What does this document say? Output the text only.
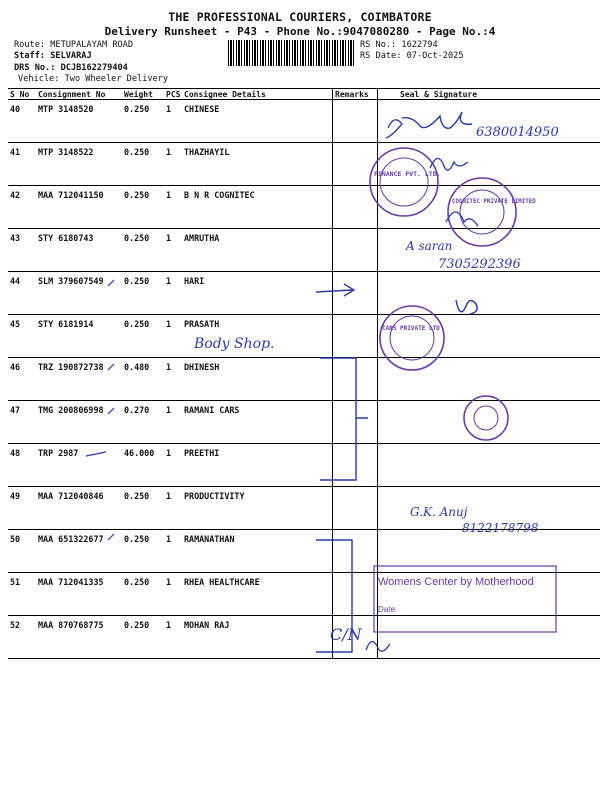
THE PROFESSIONAL COURIERS, COIMBATORE
Delivery Runsheet - P43 - Phone No.:9047080280 - Page No.:4
Route: METUPALAYAM ROAD
Staff: SELVARAJ
DRS No.: DCJB162279404
Vehicle: Two Wheeler Delivery
RS No.: 1622794
RS Date: 07-Oct-2025
S No	Consignment No	Weight	PCS	Consignee Details	Remarks	Seal & Signature
40	MTP 3148520	0.250	1	CHINESE		
41	MTP 3148522	0.250	1	THAZHAYIL		
42	MAA 712041150	0.250	1	B N R COGNITEC		
43	STY 6180743	0.250	1	AMRUTHA		
44	SLM 379607549	0.250	1	HARI		
45	STY 6181914	0.250	1	PRASATH		
46	TRZ 190872738	0.480	1	DHINESH		
47	TMG 200806998	0.270	1	RAMANI CARS		
48	TRP 2987	46.000	1	PREETHI		
49	MAA 712040846	0.250	1	PRODUCTIVITY		
50	MAA 651322677	0.250	1	RAMANATHAN		
51	MAA 712041335	0.250	1	RHEA HEALTHCARE		
52	MAA 870768775	0.250	1	MOHAN RAJ		
6380014950
FINANCE PVT. LTD.
COGNITEC PRIVATE LIMITED
A saran
7305292396
CARS PRIVATE LTD
Body Shop.
G.K. Anuj
8122178798
Womens Center by Motherhood
Date:
C/N
